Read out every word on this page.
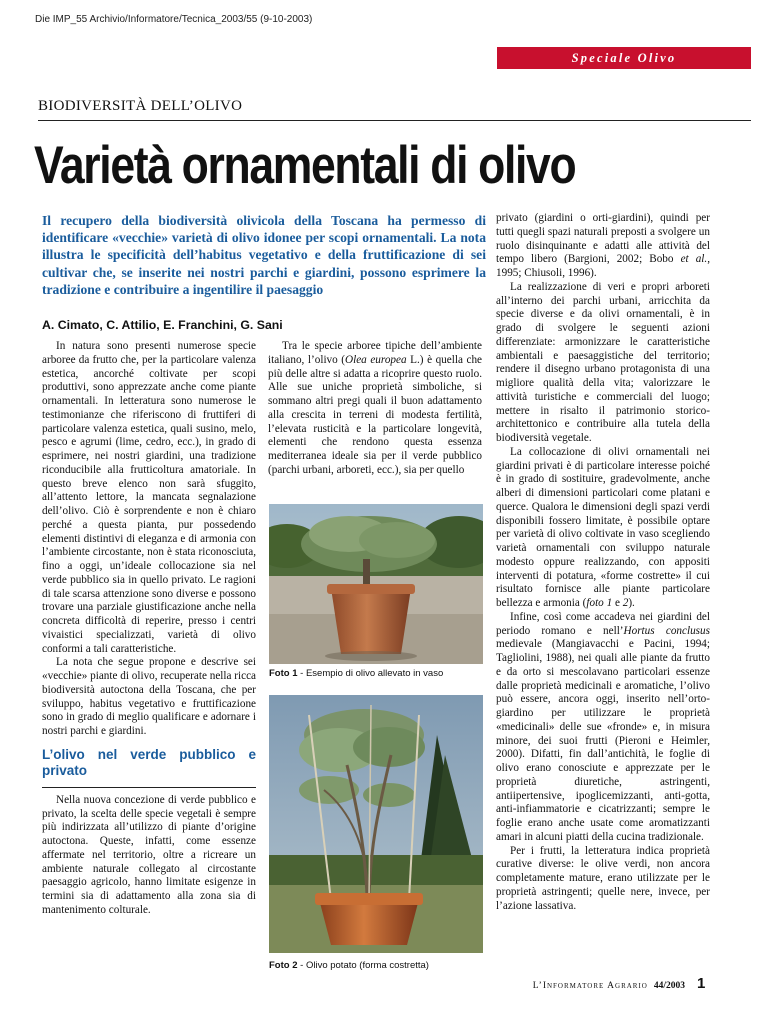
Die IMP_55 Archivio/Informatore/Tecnica_2003/55 (9-10-2003)
Speciale Olivo
BIODIVERSITÀ DELL’OLIVO
Varietà ornamentali di olivo
Il recupero della biodiversità olivicola della Toscana ha permesso di identificare «vecchie» varietà di olivo idonee per scopi ornamentali. La nota illustra le specificità dell’habitus vegetativo e della fruttificazione di sei cultivar che, se inserite nei nostri parchi e giardini, possono esprimere la tradizione e contribuire a ingentilire il paesaggio
A. Cimato, C. Attilio, E. Franchini, G. Sani

In natura sono presenti numerose specie arboree da frutto che, per la particolare valenza estetica, ancorché coltivate per scopi produttivi, sono apprezzate anche come piante ornamentali. In letteratura sono numerose le testimonianze che riferiscono di fruttiferi di particolare valenza estetica, quali susino, melo, pesco e agrumi (lime, cedro, ecc.), in grado di esprimere, nei nostri giardini, una tradizione riconducibile alla frutticoltura amatoriale. In questo breve elenco non sarà sfuggito, all’attento lettore, la mancata segnalazione dell’olivo. Ciò è sorprendente e non è chiaro perché a questa pianta, pur possedendo elementi distintivi di eleganza e di armonia con l’ambiente circostante, non è stata riconosciuta, fino a oggi, un’ideale collocazione sia nel verde pubblico sia in quello privato. Le ragioni di tale scarsa attenzione sono diverse e possono trovare una parziale giustificazione anche nella concreta difficoltà di reperire, presso i centri vivaistici specializzati, varietà di olivo conformi a tali caratteristiche.

La nota che segue propone e descrive sei «vecchie» piante di olivo, recuperate nella ricca biodiversità autoctona della Toscana, che per sviluppo, habitus vegetativo e fruttificazione sono in grado di meglio qualificare e adornare i nostri parchi e giardini.

L’olivo nel verde pubblico e privato

Nella nuova concezione di verde pubblico e privato, la scelta delle specie vegetali è sempre più indirizzata all’utilizzo di piante d’origine autoctona. Queste, infatti, come essenze affermate nel territorio, oltre a ricreare un ambiente naturale collegato al circostante paesaggio agricolo, hanno limitate esigenze in termini sia di adattamento alla zona sia di mantenimento colturale.

Tra le specie arboree tipiche dell’ambiente italiano, l’olivo (Olea europea L.) è quella che più delle altre si adatta a ricoprire questo ruolo. Alle sue uniche proprietà simboliche, si sommano altri pregi quali il buon adattamento alla crescita in terreni di modesta fertilità, l’elevata rusticità e la particolare longevità, elementi che rendono questa essenza mediterranea ideale sia per il verde pubblico (parchi urbani, arboreti, ecc.), sia per quello

Foto 1 - Esempio di olivo allevato in vaso
Foto 2 - Olivo potato (forma costretta)

privato (giardini o orti-giardini), quindi per tutti quegli spazi naturali preposti a svolgere un ruolo disinquinante e adatti alle attività del tempo libero (Bargioni, 2002; Bobo et al., 1995; Chiusoli, 1996).

La realizzazione di veri e propri arboreti all’interno dei parchi urbani, arricchita da specie diverse e da olivi ornamentali, è in grado di svolgere le seguenti azioni differenziate: armonizzare le caratteristiche ambientali e paesaggistiche del territorio; rendere il disegno urbano protagonista di una migliore qualità della vita; valorizzare le attività turistiche e commerciali del luogo; mettere in risalto il patrimonio storico-architettonico e contribuire alla tutela della biodiversità vegetale.

La collocazione di olivi ornamentali nei giardini privati è di particolare interesse poiché è in grado di sostituire, gradevolmente, anche alberi di dimensioni particolari come platani e querce. Qualora le dimensioni degli spazi verdi disponibili fossero limitate, è possibile optare per varietà di olivo coltivate in vaso scegliendo varietà ornamentali con sviluppo naturale modesto oppure realizzando, con appositi interventi di potatura, «forme costrette» il cui risultato fornisce alle piante particolare bellezza e armonia (foto 1 e 2).

Infine, così come accadeva nei giardini del periodo romano e nell’Hortus conclusus medievale (Mangiavacchi e Pacini, 1994; Tagliolini, 1988), nei quali alle piante da frutto e da orto si mescolavano particolari essenze dalle proprietà medicinali e aromatiche, l’olivo può essere, ancora oggi, inserito nell’orto-giardino per utilizzare le proprietà «medicinali» delle sue «fronde» e, in misura minore, dei suoi frutti (Pieroni e Heimler, 2000). Difatti, fin dall’antichità, le foglie di olivo erano conosciute e apprezzate per le proprietà diuretiche, astringenti, antiipertensive, ipoglicemizzanti, anti-gotta, anti-infiammatorie e cicatrizzanti; sempre le foglie erano anche usate come aromatizzanti amari in alcuni piatti della cucina tradizionale.

Per i frutti, la letteratura indica proprietà curative diverse: le olive verdi, non ancora completamente mature, erano utilizzate per le proprietà astringenti; quelle nere, invece, per l’azione lassativa.

L’Informatore Agrario 44/2003 1
